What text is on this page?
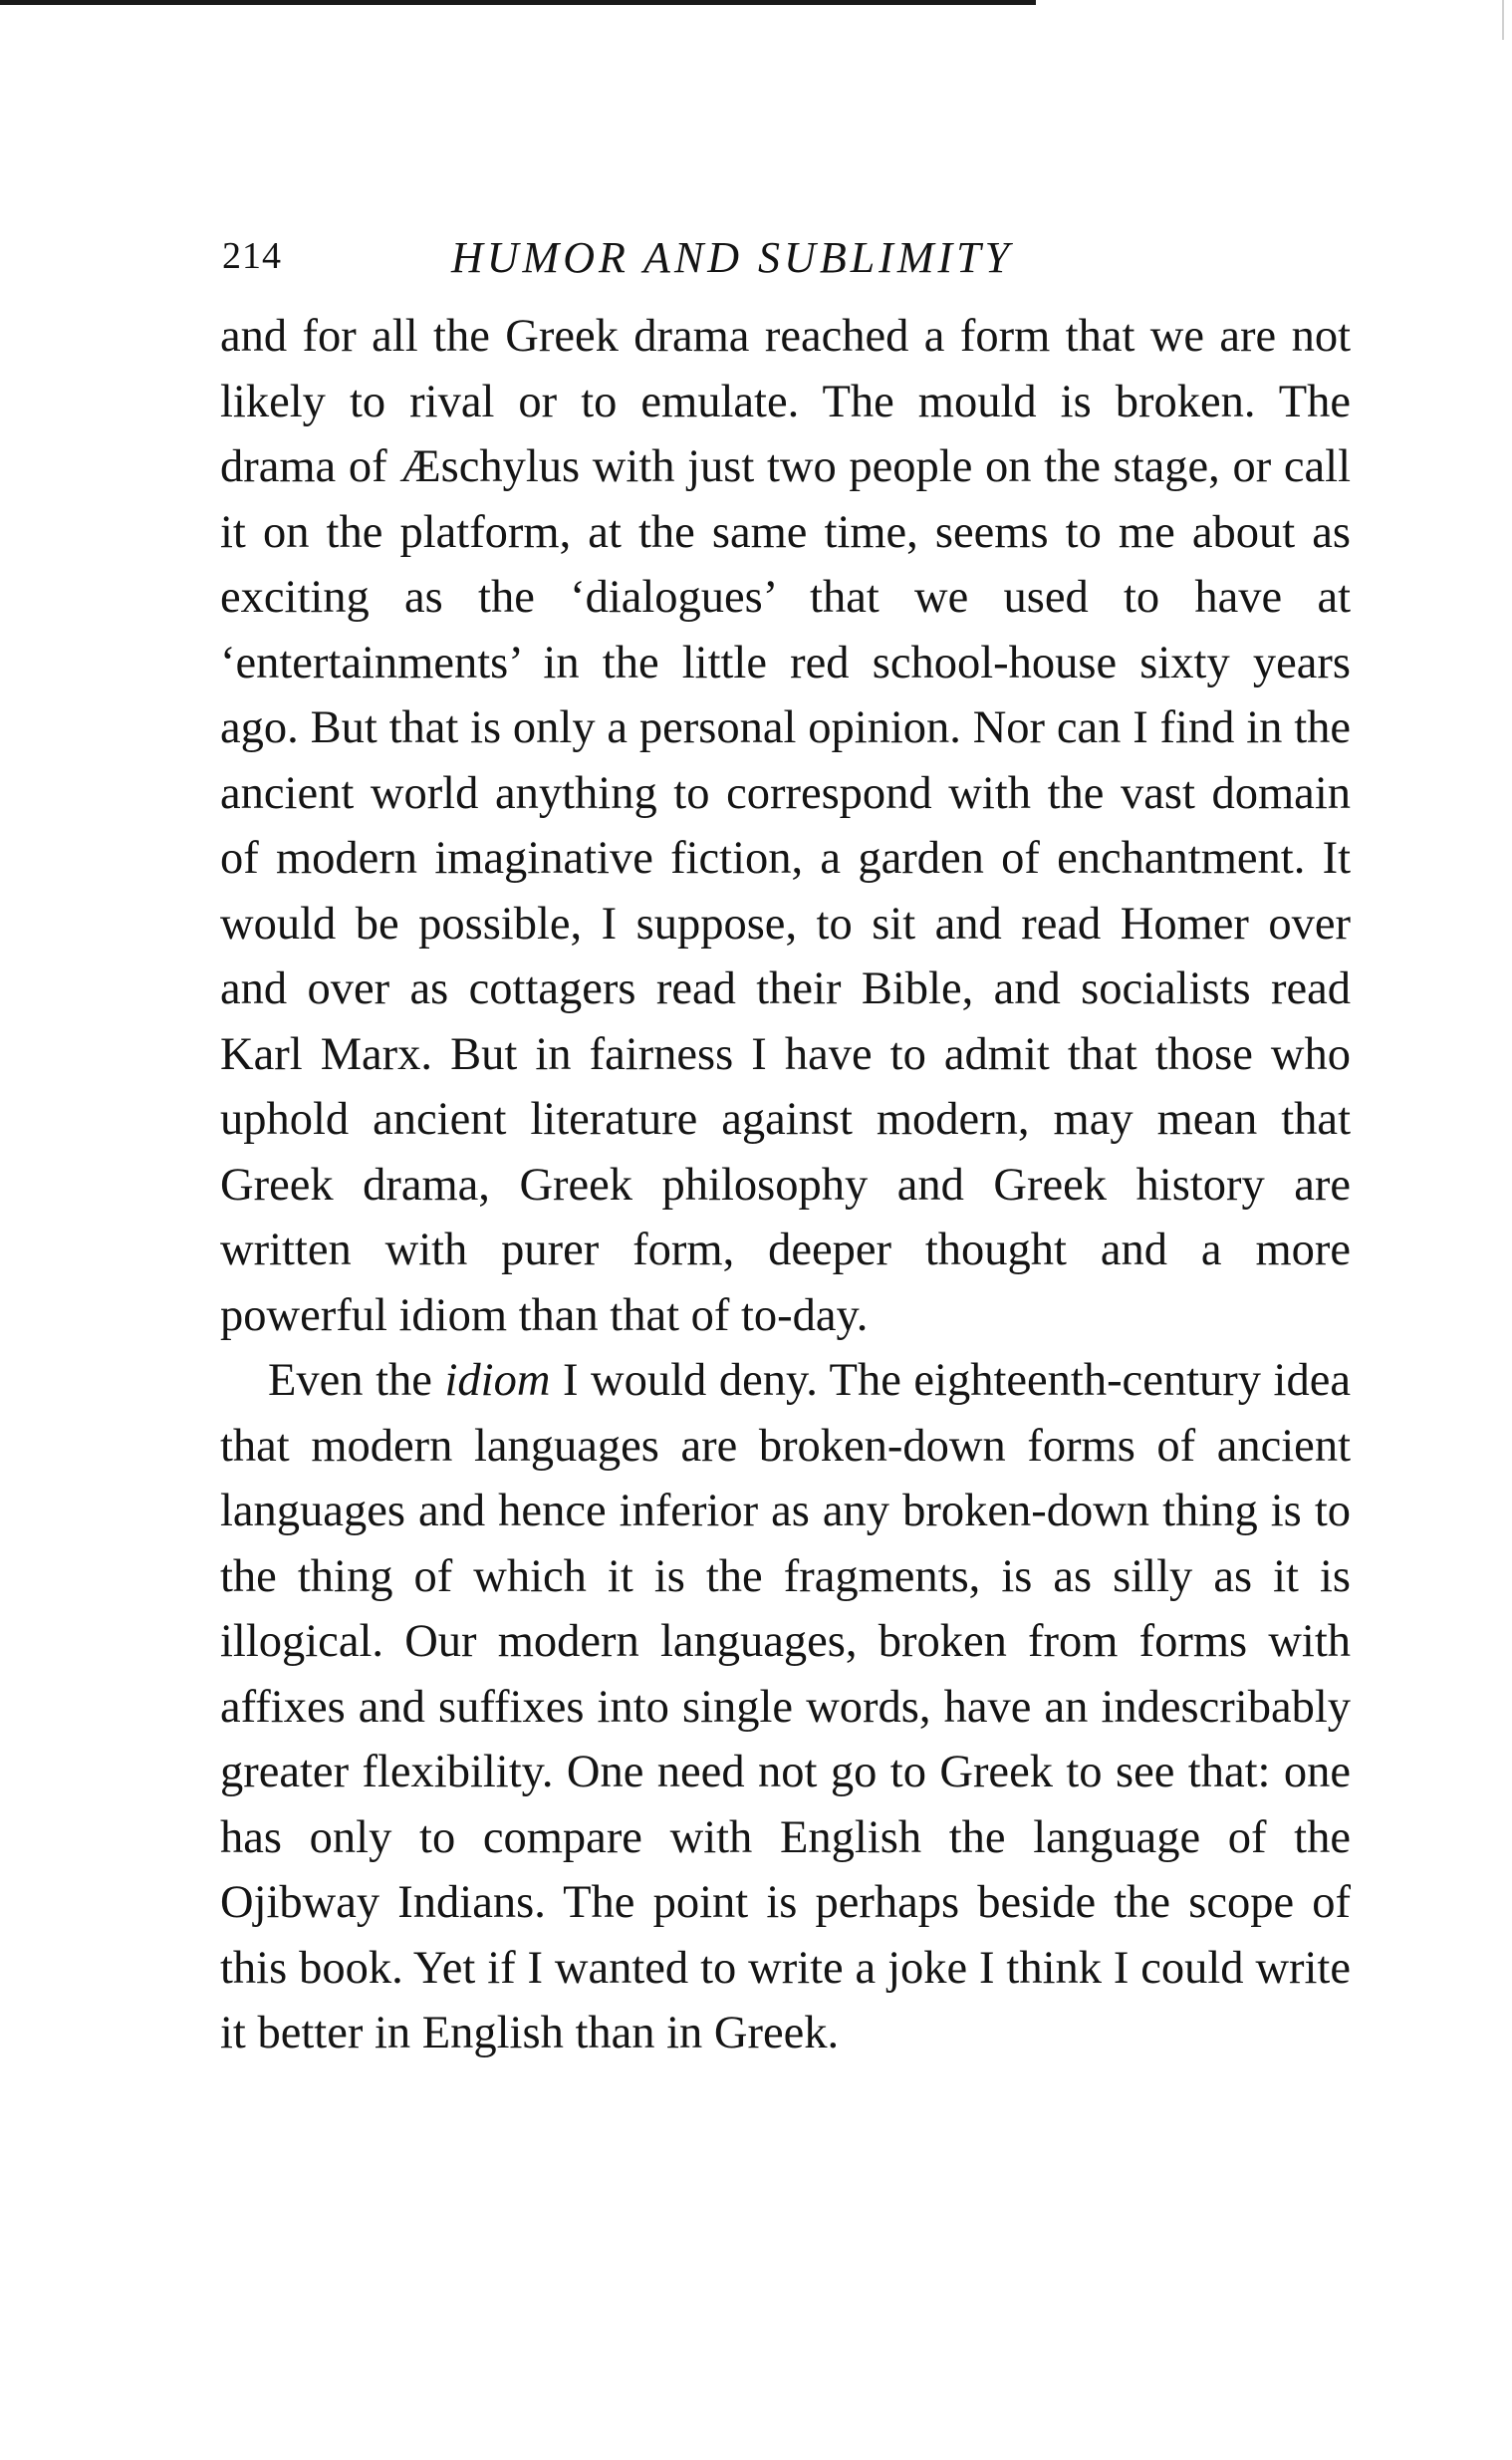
214	HUMOR AND SUBLIMITY

and for all the Greek drama reached a form that we are not likely to rival or to emulate. The mould is broken. The drama of Æschylus with just two people on the stage, or call it on the platform, at the same time, seems to me about as exciting as the ‘dialogues’ that we used to have at ‘entertainments’ in the little red school-house sixty years ago. But that is only a personal opinion. Nor can I find in the ancient world anything to correspond with the vast domain of modern imaginative fiction, a garden of enchantment. It would be possible, I suppose, to sit and read Homer over and over as cottagers read their Bible, and socialists read Karl Marx. But in fairness I have to admit that those who uphold ancient literature against modern, may mean that Greek drama, Greek philosophy and Greek history are written with purer form, deeper thought and a more powerful idiom than that of to-day.

Even the idiom I would deny. The eighteenth-century idea that modern languages are broken-down forms of ancient languages and hence inferior as any broken-down thing is to the thing of which it is the fragments, is as silly as it is illogical. Our modern languages, broken from forms with affixes and suffixes into single words, have an indescribably greater flexibility. One need not go to Greek to see that: one has only to compare with English the language of the Ojibway Indians. The point is perhaps beside the scope of this book. Yet if I wanted to write a joke I think I could write it better in English than in Greek.
